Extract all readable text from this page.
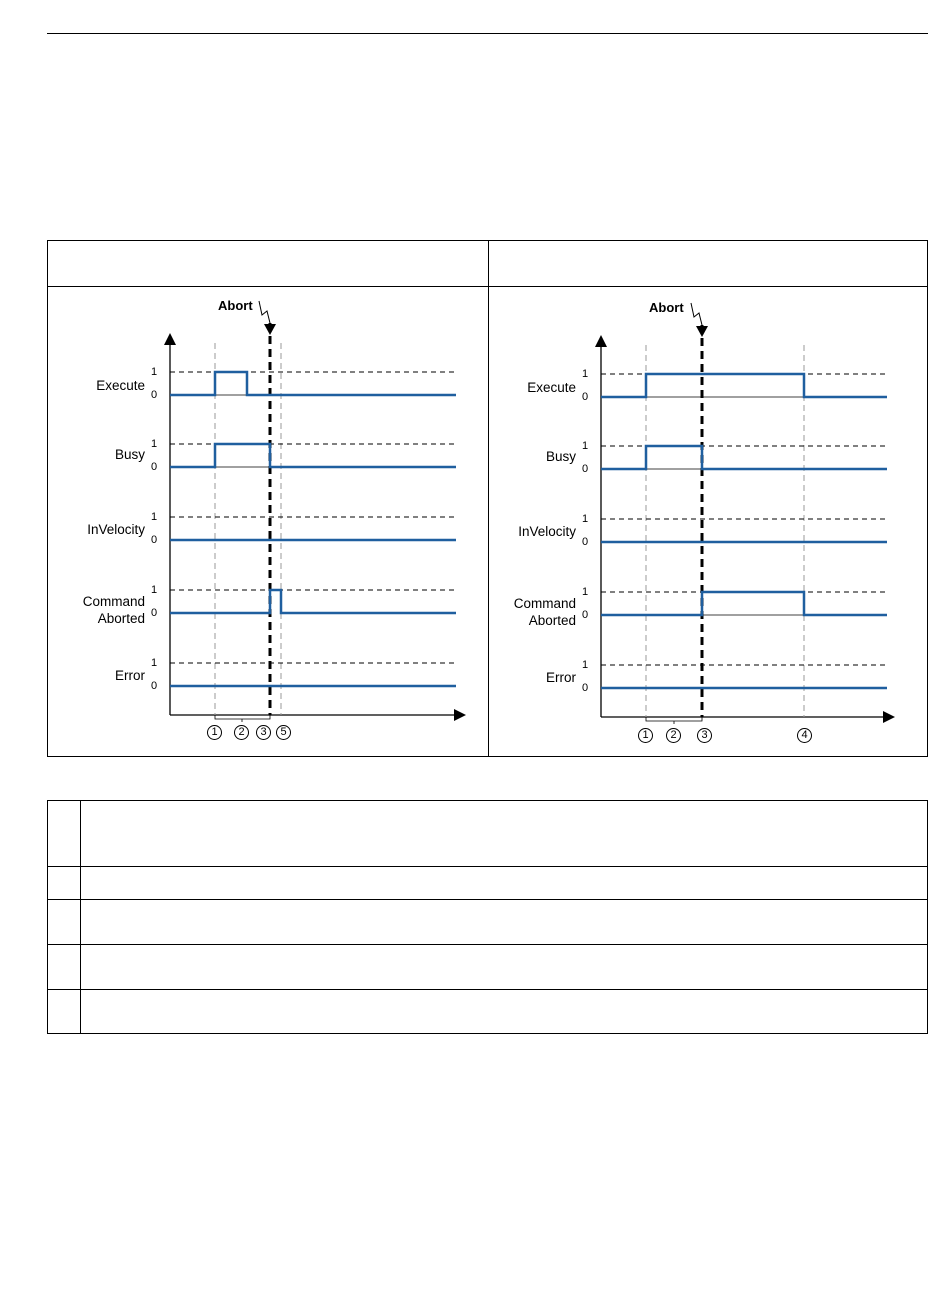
Abort
Execute
Busy
InVelocity
Command
Aborted
Error
1
0
1
0
1
0
1
0
1
0
1	2	3	5
Abort
Execute
Busy
InVelocity
Command
Aborted
Error
1
0
1
0
1
0
1
0
1
0
1	2	3	4
